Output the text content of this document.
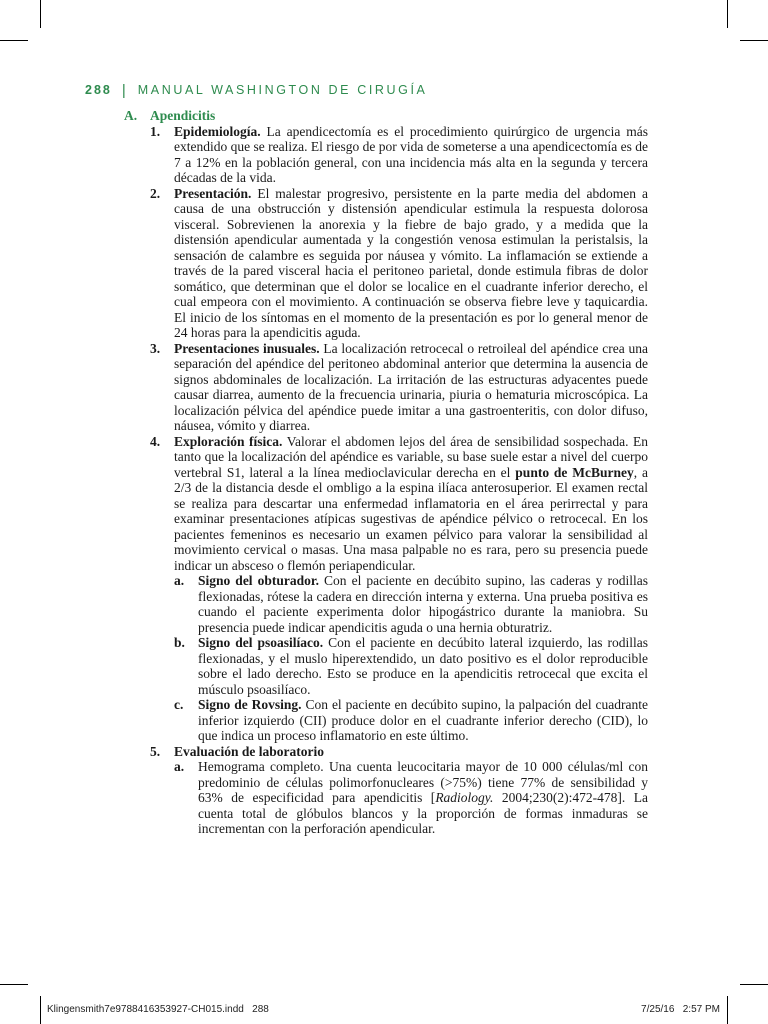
288 | MANUAL WASHINGTON DE CIRUGÍA
A. Apendicitis
1. Epidemiología. La apendicectomía es el procedimiento quirúrgico de urgencia más extendido que se realiza. El riesgo de por vida de someterse a una apendicectomía es de 7 a 12% en la población general, con una incidencia más alta en la segunda y tercera décadas de la vida.
2. Presentación. El malestar progresivo, persistente en la parte media del abdomen a causa de una obstrucción y distensión apendicular estimula la respuesta dolorosa visceral. Sobrevienen la anorexia y la fiebre de bajo grado, y a medida que la distensión apendicular aumentada y la congestión venosa estimulan la peristalsis, la sensación de calambre es seguida por náusea y vómito. La inflamación se extiende a través de la pared visceral hacia el peritoneo parietal, donde estimula fibras de dolor somático, que determinan que el dolor se localice en el cuadrante inferior derecho, el cual empeora con el movimiento. A continuación se observa fiebre leve y taquicardia. El inicio de los síntomas en el momento de la presentación es por lo general menor de 24 horas para la apendicitis aguda.
3. Presentaciones inusuales. La localización retrocecal o retroileal del apéndice crea una separación del apéndice del peritoneo abdominal anterior que determina la ausencia de signos abdominales de localización. La irritación de las estructuras adyacentes puede causar diarrea, aumento de la frecuencia urinaria, piuria o hematuria microscópica. La localización pélvica del apéndice puede imitar a una gastroenteritis, con dolor difuso, náusea, vómito y diarrea.
4. Exploración física. Valorar el abdomen lejos del área de sensibilidad sospechada. En tanto que la localización del apéndice es variable, su base suele estar a nivel del cuerpo vertebral S1, lateral a la línea medioclavicular derecha en el punto de McBurney, a 2/3 de la distancia desde el ombligo a la espina ilíaca anterosuperior. El examen rectal se realiza para descartar una enfermedad inflamatoria en el área perirrectal y para examinar presentaciones atípicas sugestivas de apéndice pélvico o retrocecal. En los pacientes femeninos es necesario un examen pélvico para valorar la sensibilidad al movimiento cervical o masas. Una masa palpable no es rara, pero su presencia puede indicar un absceso o flemón periapendicular.
a. Signo del obturador. Con el paciente en decúbito supino, las caderas y rodillas flexionadas, rótese la cadera en dirección interna y externa. Una prueba positiva es cuando el paciente experimenta dolor hipogástrico durante la maniobra. Su presencia puede indicar apendicitis aguda o una hernia obturatriz.
b. Signo del psoasilíaco. Con el paciente en decúbito lateral izquierdo, las rodillas flexionadas, y el muslo hiperextendido, un dato positivo es el dolor reproducible sobre el lado derecho. Esto se produce en la apendicitis retrocecal que excita el músculo psoasilíaco.
c. Signo de Rovsing. Con el paciente en decúbito supino, la palpación del cuadrante inferior izquierdo (CII) produce dolor en el cuadrante inferior derecho (CID), lo que indica un proceso inflamatorio en este último.
5. Evaluación de laboratorio
a. Hemograma completo. Una cuenta leucocitaria mayor de 10 000 células/ml con predominio de células polimorfonucleares (>75%) tiene 77% de sensibilidad y 63% de especificidad para apendicitis [Radiology. 2004;230(2):472-478]. La cuenta total de glóbulos blancos y la proporción de formas inmaduras se incrementan con la perforación apendicular.
Klingensmith7e9788416353927-CH015.indd   288	7/25/16   2:57 PM
